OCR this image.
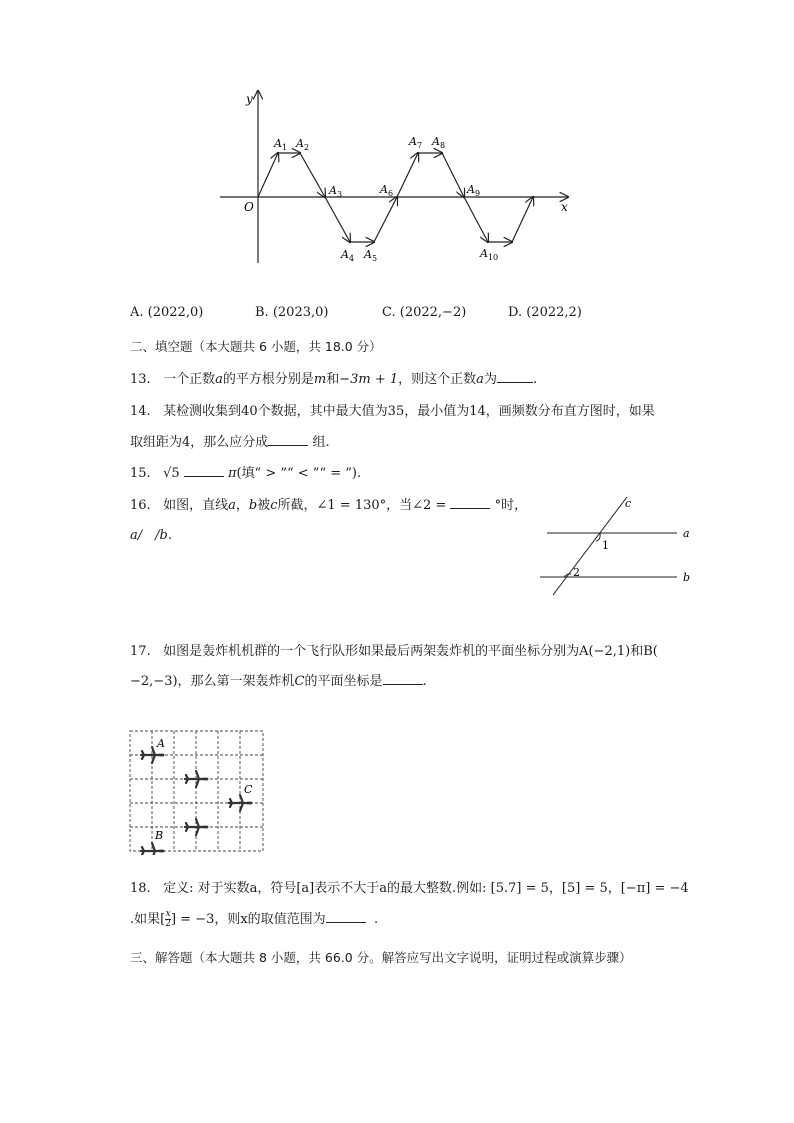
y
x
O
$A_1$ $A_2$
$A_3$
$A_4$ $A_5$
$A_6$
$A_7$ $A_8$
$A_9$
$A_{10}$
A. (2022,0)	B. (2023,0)	C. (2022,−2)	D. (2022,2)
二、填空题（本大题共 6 小题，共 18.0 分）
13. 一个正数a的平方根分别是m和−3m + 1，则这个正数a为	.
14. 某检测收集到40个数据，其中最大值为35，最小值为14，画频数分布直方图时，如果
取组距为4，那么应分成	组.
15. √5	π(填“ > ”“ < ”“ = ”).
16. 如图，直线a，b被c所截，∠1 = 130°，当∠2 =	°时，
a/　/b.
c
a
b
1
2
17. 如图是轰炸机机群的一个飞行队形如果最后两架轰炸机的平面坐标分别为A(−2,1)和B(
−2,−3)，那么第一架轰炸机C的平面坐标是	.
A
C
B
18. 定义: 对于实数a，符号[a]表示不大于a的最大整数.例如: [5.7] = 5，[5] = 5，[−π] = −4
.如果[ $\frac{x}{2}$ ] = −3，则x的取值范围为	.
三、解答题（本大题共 8 小题，共 66.0 分。解答应写出文字说明，证明过程或演算步骤）
